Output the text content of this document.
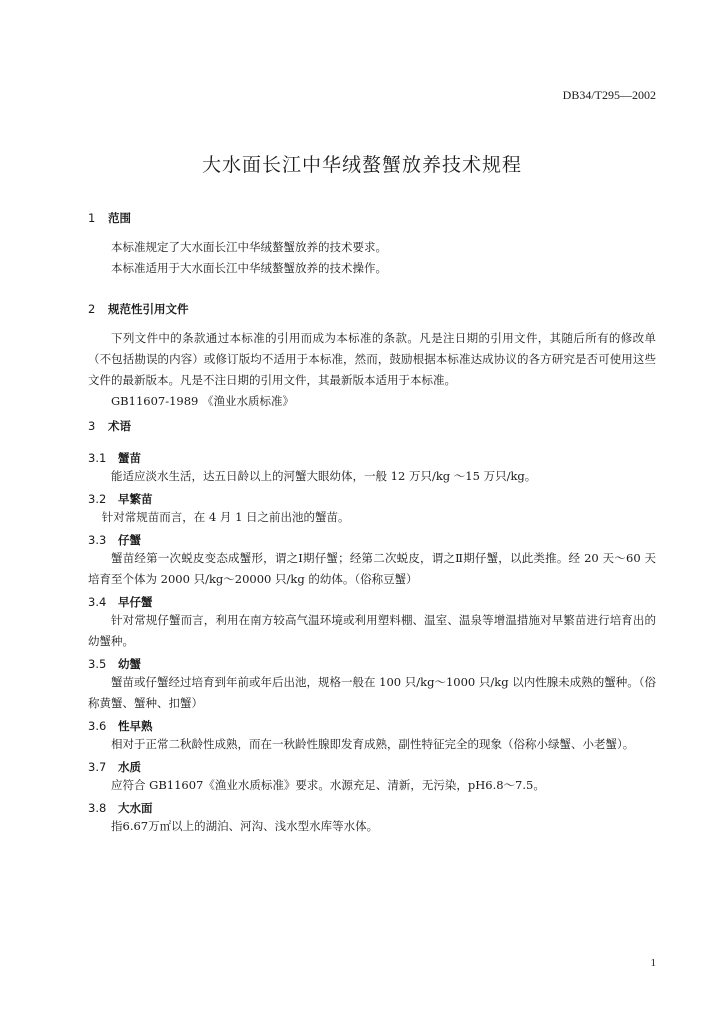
DB34/T295—2002
大水面长江中华绒螯蟹放养技术规程
1 范围

本标准规定了大水面长江中华绒螯蟹放养的技术要求。

本标准适用于大水面长江中华绒螯蟹放养的技术操作。

2 规范性引用文件

下列文件中的条款通过本标准的引用而成为本标准的条款。凡是注日期的引用文件，其随后所有的修改单（不包括勘误的内容）或修订版均不适用于本标准，然而，鼓励根据本标准达成协议的各方研究是否可使用这些文件的最新版本。凡是不注日期的引用文件，其最新版本适用于本标准。

GB11607-1989 《渔业水质标准》

3 术语
3.1 蟹苗

能适应淡水生活，达五日龄以上的河蟹大眼幼体，一般 12 万只/kg ～15 万只/kg。

3.2 早繁苗

针对常规苗而言，在 4 月 1 日之前出池的蟹苗。

3.3 仔蟹

蟹苗经第一次蜕皮变态成蟹形，谓之Ⅰ期仔蟹；经第二次蜕皮，谓之Ⅱ期仔蟹，以此类推。经 20 天～60 天培育至个体为 2000 只/kg～20000 只/kg 的幼体。（俗称豆蟹）

3.4 早仔蟹

针对常规仔蟹而言，利用在南方较高气温环境或利用塑料棚、温室、温泉等增温措施对早繁苗进行培育出的幼蟹种。

3.5 幼蟹

蟹苗或仔蟹经过培育到年前或年后出池，规格一般在 100 只/kg～1000 只/kg 以内性腺未成熟的蟹种。（俗称黄蟹、蟹种、扣蟹）

3.6 性早熟

相对于正常二秋龄性成熟，而在一秋龄性腺即发育成熟，副性特征完全的现象（俗称小绿蟹、小老蟹）。

3.7 水质

应符合 GB11607《渔业水质标准》要求。水源充足、清新，无污染，pH6.8～7.5。

3.8 大水面

指6.67万㎡以上的湖泊、河沟、浅水型水库等水体。

1
